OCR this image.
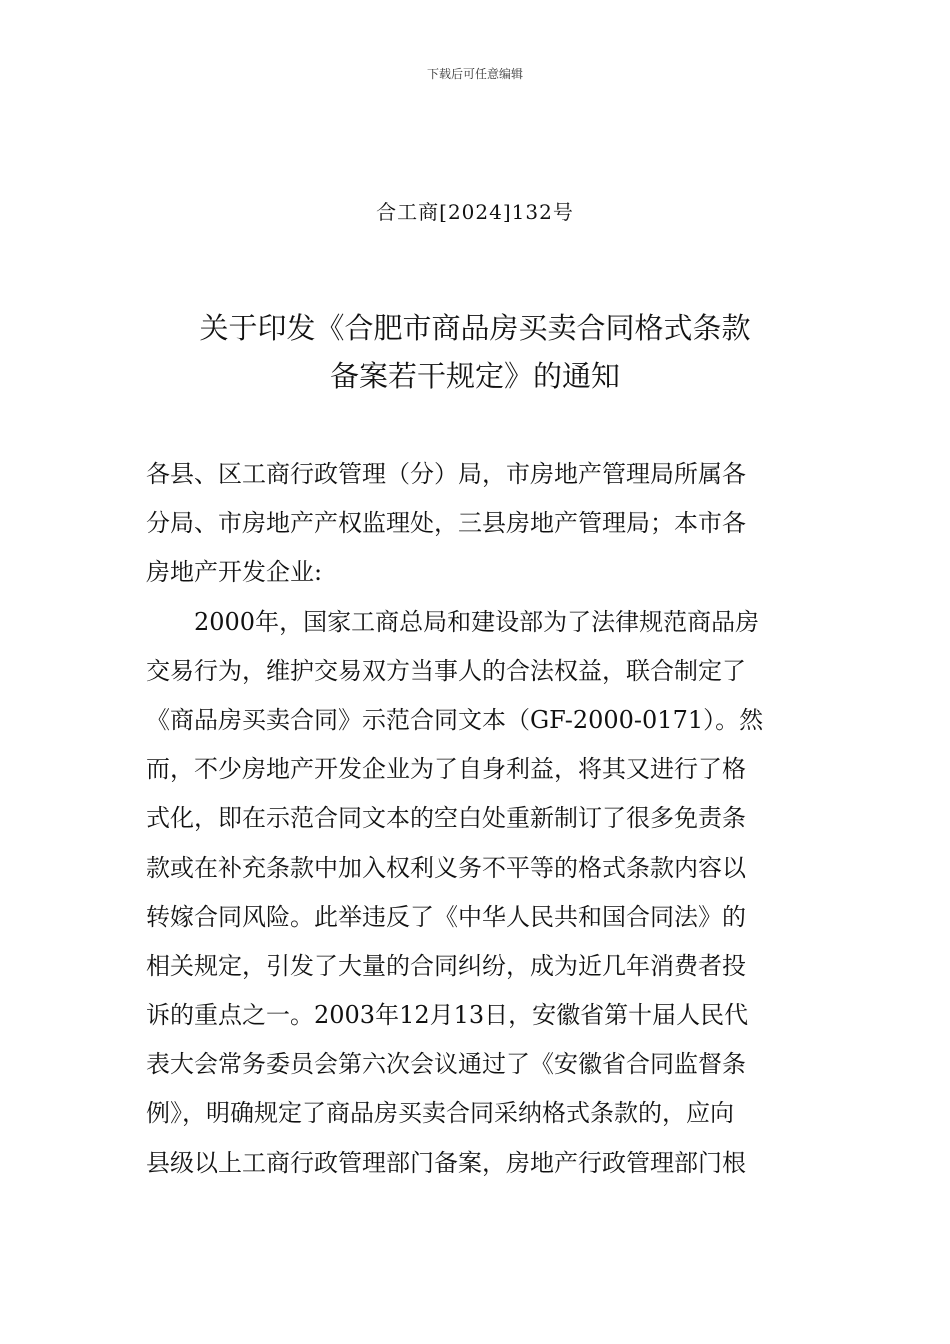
下载后可任意编辑
合工商[2024]132号
关于印发《合肥市商品房买卖合同格式条款
备案若干规定》的通知
各县、区工商行政管理（分）局，市房地产管理局所属各
分局、市房地产产权监理处，三县房地产管理局；本市各
房地产开发企业:
　　2000年，国家工商总局和建设部为了法律规范商品房
交易行为，维护交易双方当事人的合法权益，联合制定了
《商品房买卖合同》示范合同文本（GF-2000-0171）。然
而，不少房地产开发企业为了自身利益，将其又进行了格
式化，即在示范合同文本的空白处重新制订了很多免责条
款或在补充条款中加入权利义务不平等的格式条款内容以
转嫁合同风险。此举违反了《中华人民共和国合同法》的
相关规定，引发了大量的合同纠纷，成为近几年消费者投
诉的重点之一。2003年12月13日，安徽省第十届人民代
表大会常务委员会第六次会议通过了《安徽省合同监督条
例》，明确规定了商品房买卖合同采纳格式条款的，应向
县级以上工商行政管理部门备案，房地产行政管理部门根
